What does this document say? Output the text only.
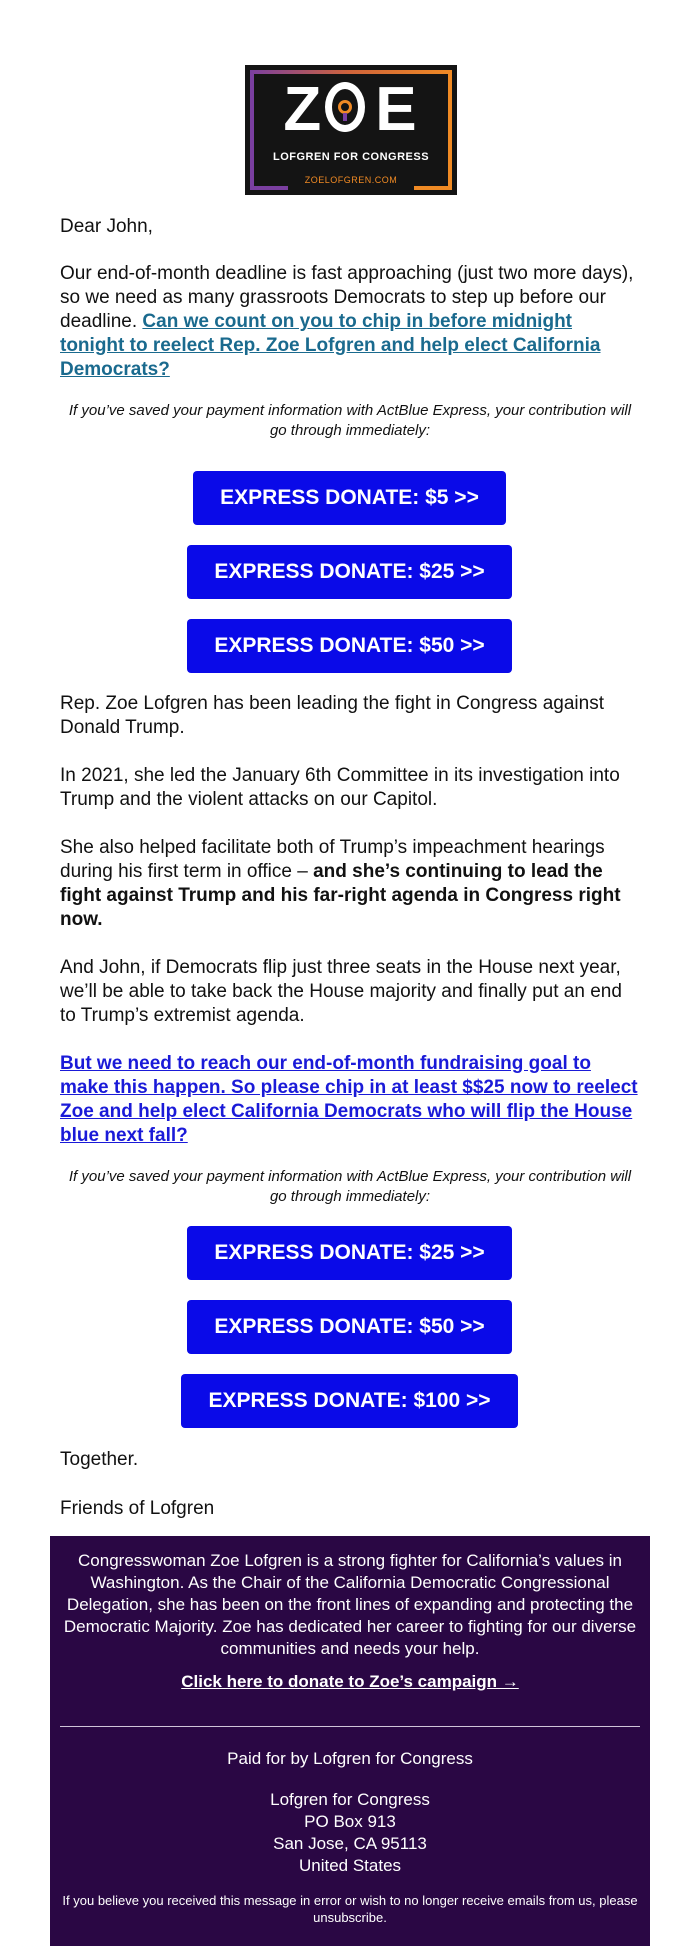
Z E
LOFGREN FOR CONGRESS
ZOELOFGREN.COM

Dear John,

Our end-of-month deadline is fast approaching (just two more days), so we need as many grassroots Democrats to step up before our deadline. Can we count on you to chip in before midnight tonight to reelect Rep. Zoe Lofgren and help elect California Democrats?

If you’ve saved your payment information with ActBlue Express, your contribution will go through immediately:

EXPRESS DONATE: $5 >>
EXPRESS DONATE: $25 >>
EXPRESS DONATE: $50 >>

Rep. Zoe Lofgren has been leading the fight in Congress against Donald Trump.

In 2021, she led the January 6th Committee in its investigation into Trump and the violent attacks on our Capitol.

She also helped facilitate both of Trump’s impeachment hearings during his first term in office – and she’s continuing to lead the fight against Trump and his far-right agenda in Congress right now.

And John, if Democrats flip just three seats in the House next year, we’ll be able to take back the House majority and finally put an end to Trump’s extremist agenda.

But we need to reach our end-of-month fundraising goal to make this happen. So please chip in at least $$25 now to reelect Zoe and help elect California Democrats who will flip the House blue next fall?

If you’ve saved your payment information with ActBlue Express, your contribution will go through immediately:

EXPRESS DONATE: $25 >>
EXPRESS DONATE: $50 >>
EXPRESS DONATE: $100 >>

Together.

Friends of Lofgren

Congresswoman Zoe Lofgren is a strong fighter for California’s values in Washington. As the Chair of the California Democratic Congressional Delegation, she has been on the front lines of expanding and protecting the Democratic Majority. Zoe has dedicated her career to fighting for our diverse communities and needs your help.

Click here to donate to Zoe’s campaign →
Paid for by Lofgren for Congress
Lofgren for Congress
PO Box 913
San Jose, CA 95113
United States

If you believe you received this message in error or wish to no longer receive emails from us, please unsubscribe.
